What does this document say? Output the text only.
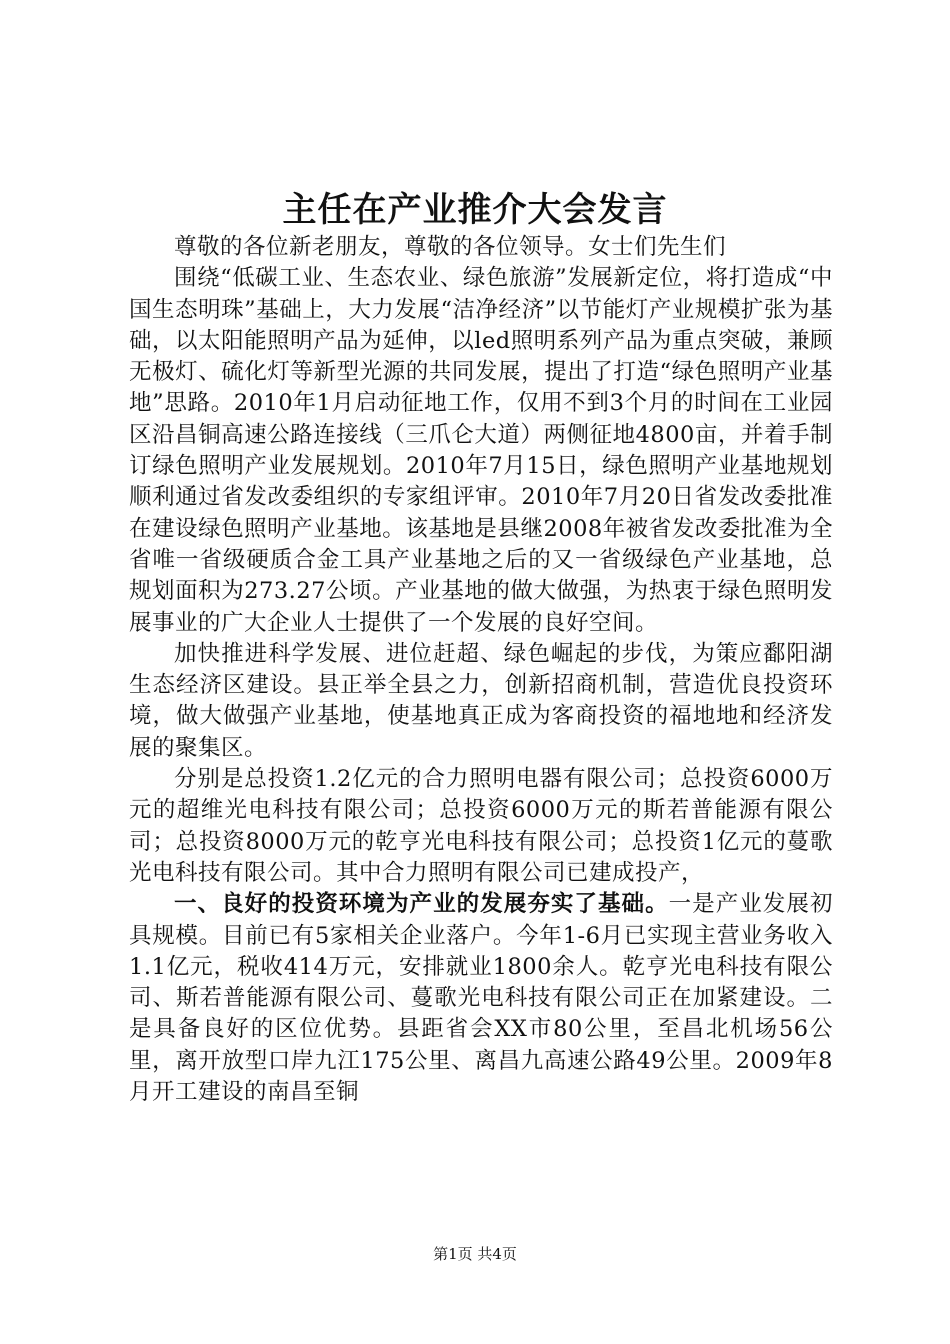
主任在产业推介大会发言

尊敬的各位新老朋友，尊敬的各位领导。女士们先生们

围绕“低碳工业、生态农业、绿色旅游”发展新定位，将打造成“中国生态明珠”基础上，大力发展“洁净经济”以节能灯产业规模扩张为基础，以太阳能照明产品为延伸，以led照明系列产品为重点突破，兼顾无极灯、硫化灯等新型光源的共同发展，提出了打造“绿色照明产业基地”思路。2010年1月启动征地工作，仅用不到3个月的时间在工业园区沿昌铜高速公路连接线（三爪仑大道）两侧征地4800亩，并着手制订绿色照明产业发展规划。2010年7月15日，绿色照明产业基地规划顺利通过省发改委组织的专家组评审。2010年7月20日省发改委批准在建设绿色照明产业基地。该基地是县继2008年被省发改委批准为全省唯一省级硬质合金工具产业基地之后的又一省级绿色产业基地，总规划面积为273.27公顷。产业基地的做大做强，为热衷于绿色照明发展事业的广大企业人士提供了一个发展的良好空间。

加快推进科学发展、进位赶超、绿色崛起的步伐，为策应鄱阳湖生态经济区建设。县正举全县之力，创新招商机制，营造优良投资环境，做大做强产业基地，使基地真正成为客商投资的福地地和经济发展的聚集区。

分别是总投资1.2亿元的合力照明电器有限公司；总投资6000万元的超维光电科技有限公司；总投资6000万元的斯若普能源有限公司；总投资8000万元的乾亨光电科技有限公司；总投资1亿元的蔓歌光电科技有限公司。其中合力照明有限公司已建成投产，

一、良好的投资环境为产业的发展夯实了基础。一是产业发展初具规模。目前已有5家相关企业落户。今年1-6月已实现主营业务收入1.1亿元，税收414万元，安排就业1800余人。乾亨光电科技有限公司、斯若普能源有限公司、蔓歌光电科技有限公司正在加紧建设。二是具备良好的区位优势。县距省会XX市80公里，至昌北机场56公里，离开放型口岸九江175公里、离昌九高速公路49公里。2009年8月开工建设的南昌至铜

第1页 共4页
